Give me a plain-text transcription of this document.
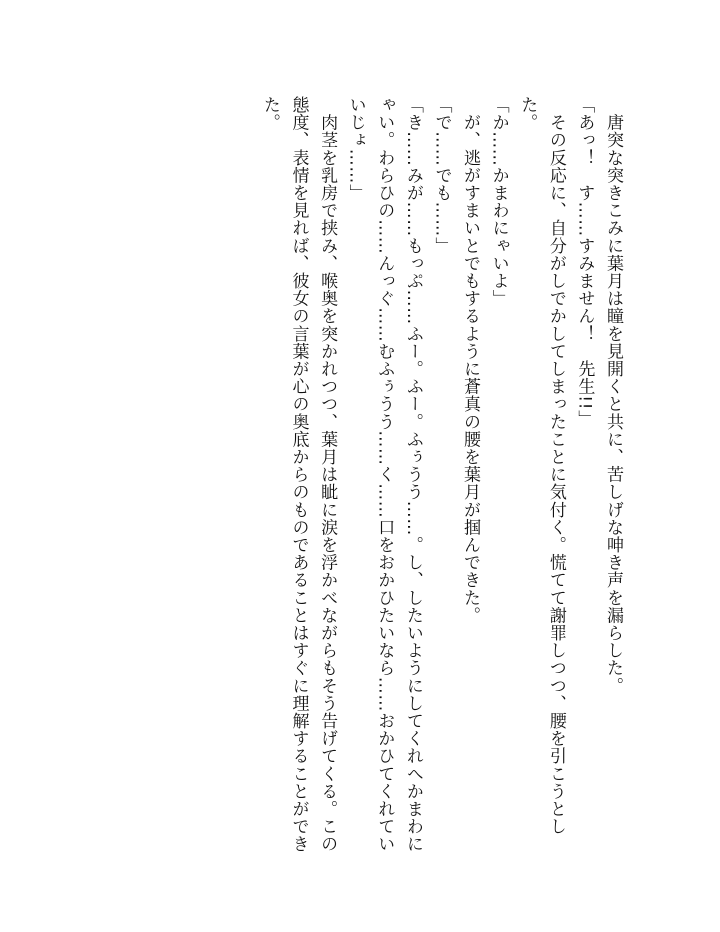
　唐突な突きこみに葉月は瞳を見開くと共に、苦しげな呻き声を漏らした。

「あっ！　す……すみません！　先生!!」

　その反応に、自分がしでかしてしまったことに気付く。慌てて謝罪しつつ、腰を引こうとした。

「か……かまわにゃいよ」

　が、逃がすまいとでもするように蒼真の腰を葉月が掴んできた。

「で……でも……」

「き……みが……もっぷ……ふー。ふー。ふぅうう……。し、したいようにしてくれへかまわにゃい。わらひの……んっぐ……むふぅうう……く……口をおかひたいなら……おかひてくれていいじょ……」

　肉茎を乳房で挟み、喉奥を突かれつつ、葉月は眦に涙を浮かべながらもそう告げてくる。この態度、表情を見れば、彼女の言葉が心の奥底からのものであることはすぐに理解することができた。
